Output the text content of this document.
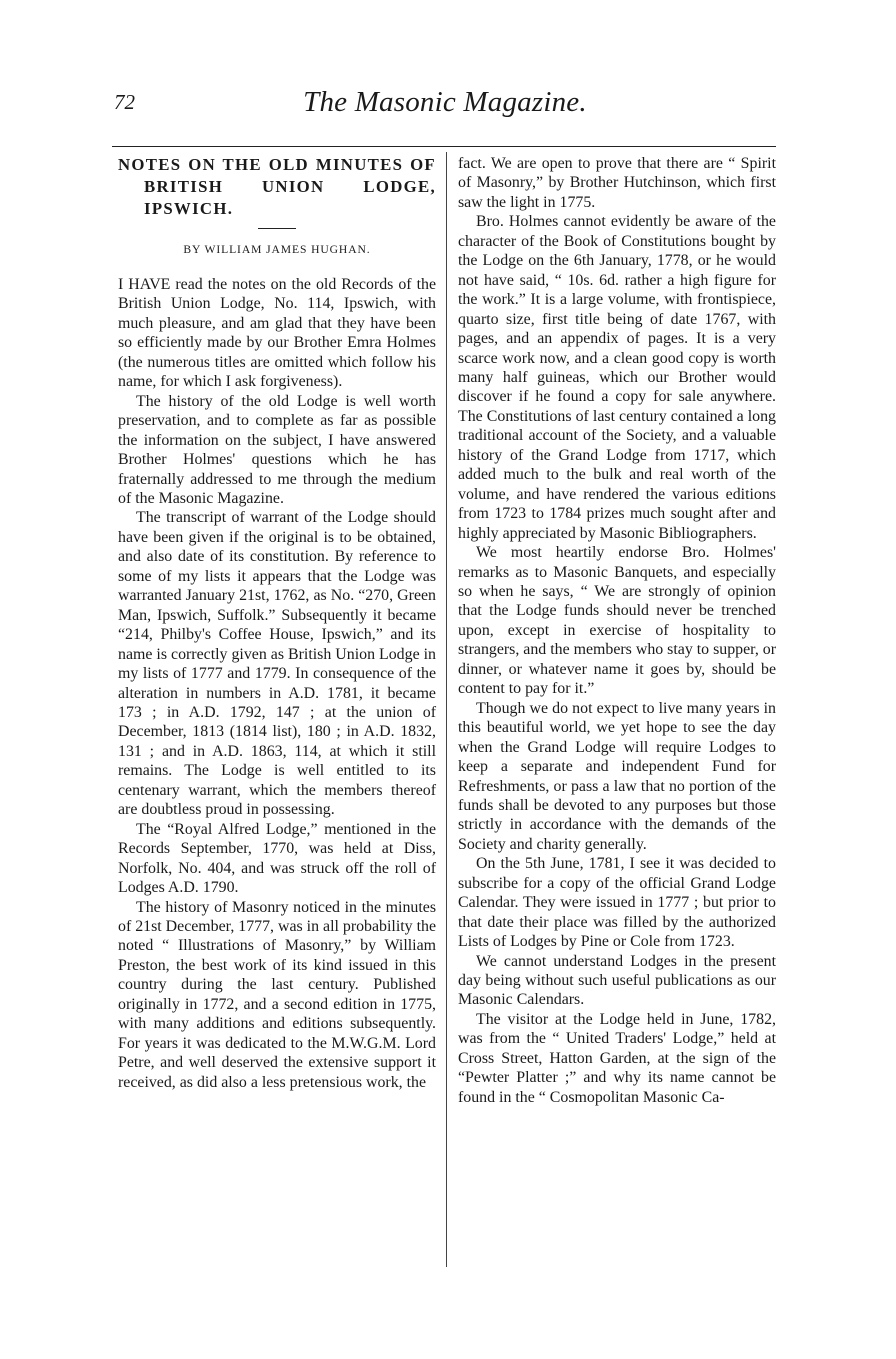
72	The Masonic Magazine.
NOTES ON THE OLD MINUTES OF BRITISH UNION LODGE, IPSWICH.
BY WILLIAM JAMES HUGHAN.

I HAVE read the notes on the old Records of the British Union Lodge, No. 114, Ipswich, with much pleasure, and am glad that they have been so efficiently made by our Brother Emra Holmes (the numerous titles are omitted which follow his name, for which I ask forgiveness).

The history of the old Lodge is well worth preservation, and to complete as far as possible the information on the subject, I have answered Brother Holmes' questions which he has fraternally addressed to me through the medium of the Masonic Magazine.

The transcript of warrant of the Lodge should have been given if the original is to be obtained, and also date of its constitution. By reference to some of my lists it appears that the Lodge was warranted January 21st, 1762, as No. “270, Green Man, Ipswich, Suffolk.” Subsequently it became “214, Philby's Coffee House, Ipswich,” and its name is correctly given as British Union Lodge in my lists of 1777 and 1779. In consequence of the alteration in numbers in A.D. 1781, it became 173 ; in A.D. 1792, 147 ; at the union of December, 1813 (1814 list), 180 ; in A.D. 1832, 131 ; and in A.D. 1863, 114, at which it still remains. The Lodge is well entitled to its centenary warrant, which the members thereof are doubtless proud in possessing.

The “Royal Alfred Lodge,” mentioned in the Records September, 1770, was held at Diss, Norfolk, No. 404, and was struck off the roll of Lodges A.D. 1790.

The history of Masonry noticed in the minutes of 21st December, 1777, was in all probability the noted “ Illustrations of Masonry,” by William Preston, the best work of its kind issued in this country during the last century. Published originally in 1772, and a second edition in 1775, with many additions and editions subsequently. For years it was dedicated to the M.W.G.M. Lord Petre, and well deserved the extensive support it received, as did also a less pretensious work, the

fact. We are open to prove that there are “ Spirit of Masonry,” by Brother Hutchinson, which first saw the light in 1775.

Bro. Holmes cannot evidently be aware of the character of the Book of Constitutions bought by the Lodge on the 6th January, 1778, or he would not have said, “ 10s. 6d. rather a high figure for the work.” It is a large volume, with frontispiece, quarto size, first title being of date 1767, with pages, and an appendix of pages. It is a very scarce work now, and a clean good copy is worth many half guineas, which our Brother would discover if he found a copy for sale anywhere. The Constitutions of last century contained a long traditional account of the Society, and a valuable history of the Grand Lodge from 1717, which added much to the bulk and real worth of the volume, and have rendered the various editions from 1723 to 1784 prizes much sought after and highly appreciated by Masonic Bibliographers.

We most heartily endorse Bro. Holmes' remarks as to Masonic Banquets, and especially so when he says, “ We are strongly of opinion that the Lodge funds should never be trenched upon, except in exercise of hospitality to strangers, and the members who stay to supper, or dinner, or whatever name it goes by, should be content to pay for it.”

Though we do not expect to live many years in this beautiful world, we yet hope to see the day when the Grand Lodge will require Lodges to keep a separate and independent Fund for Refreshments, or pass a law that no portion of the funds shall be devoted to any purposes but those strictly in accordance with the demands of the Society and charity generally.

On the 5th June, 1781, I see it was decided to subscribe for a copy of the official Grand Lodge Calendar. They were issued in 1777 ; but prior to that date their place was filled by the authorized Lists of Lodges by Pine or Cole from 1723.

We cannot understand Lodges in the present day being without such useful publications as our Masonic Calendars.

The visitor at the Lodge held in June, 1782, was from the “ United Traders' Lodge,” held at Cross Street, Hatton Garden, at the sign of the “Pewter Platter ;” and why its name cannot be found in the “ Cosmopolitan Masonic Ca-
